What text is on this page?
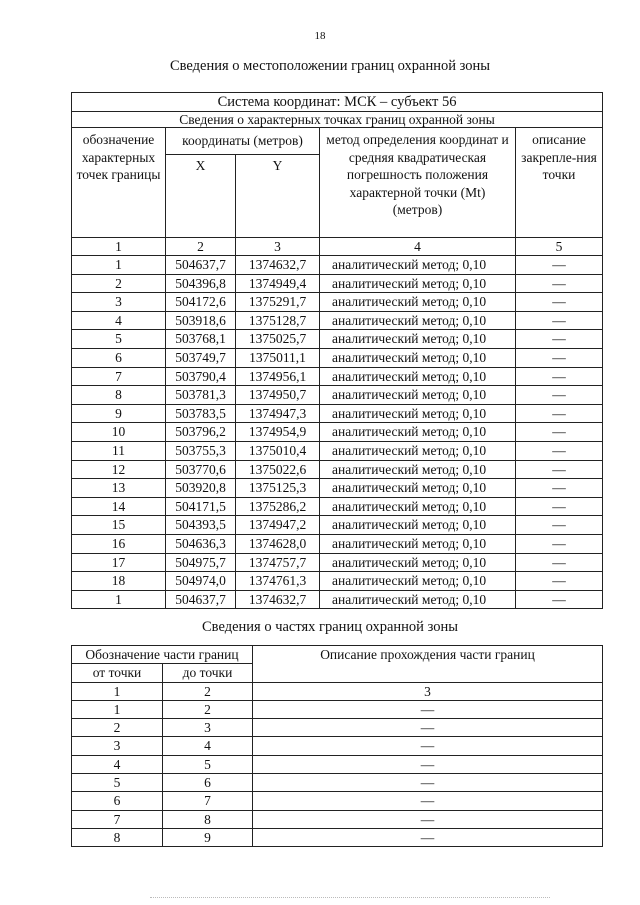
18
Сведения о местоположении границ охранной зоны
Система координат: МСК – субъект 56				
Сведения о характерных точках границ охранной зоны				
обозначение характерных точек границы	координаты (метров)		метод определения координат и средняя квадратическая погрешность положения характерной точки (Mt) (метров)	описание закрепле-ния точки
	X	Y		
1	2	3	4	5
1	504637,7	1374632,7	аналитический метод; 0,10	—
2	504396,8	1374949,4	аналитический метод; 0,10	—
3	504172,6	1375291,7	аналитический метод; 0,10	—
4	503918,6	1375128,7	аналитический метод; 0,10	—
5	503768,1	1375025,7	аналитический метод; 0,10	—
6	503749,7	1375011,1	аналитический метод; 0,10	—
7	503790,4	1374956,1	аналитический метод; 0,10	—
8	503781,3	1374950,7	аналитический метод; 0,10	—
9	503783,5	1374947,3	аналитический метод; 0,10	—
10	503796,2	1374954,9	аналитический метод; 0,10	—
11	503755,3	1375010,4	аналитический метод; 0,10	—
12	503770,6	1375022,6	аналитический метод; 0,10	—
13	503920,8	1375125,3	аналитический метод; 0,10	—
14	504171,5	1375286,2	аналитический метод; 0,10	—
15	504393,5	1374947,2	аналитический метод; 0,10	—
16	504636,3	1374628,0	аналитический метод; 0,10	—
17	504975,7	1374757,7	аналитический метод; 0,10	—
18	504974,0	1374761,3	аналитический метод; 0,10	—
1	504637,7	1374632,7	аналитический метод; 0,10	—
Сведения о частях границ охранной зоны
Обозначение части границ		Описание прохождения части границ
от точки	до точки	
1	2	3
1	2	—
2	3	—
3	4	—
4	5	—
5	6	—
6	7	—
7	8	—
8	9	—
